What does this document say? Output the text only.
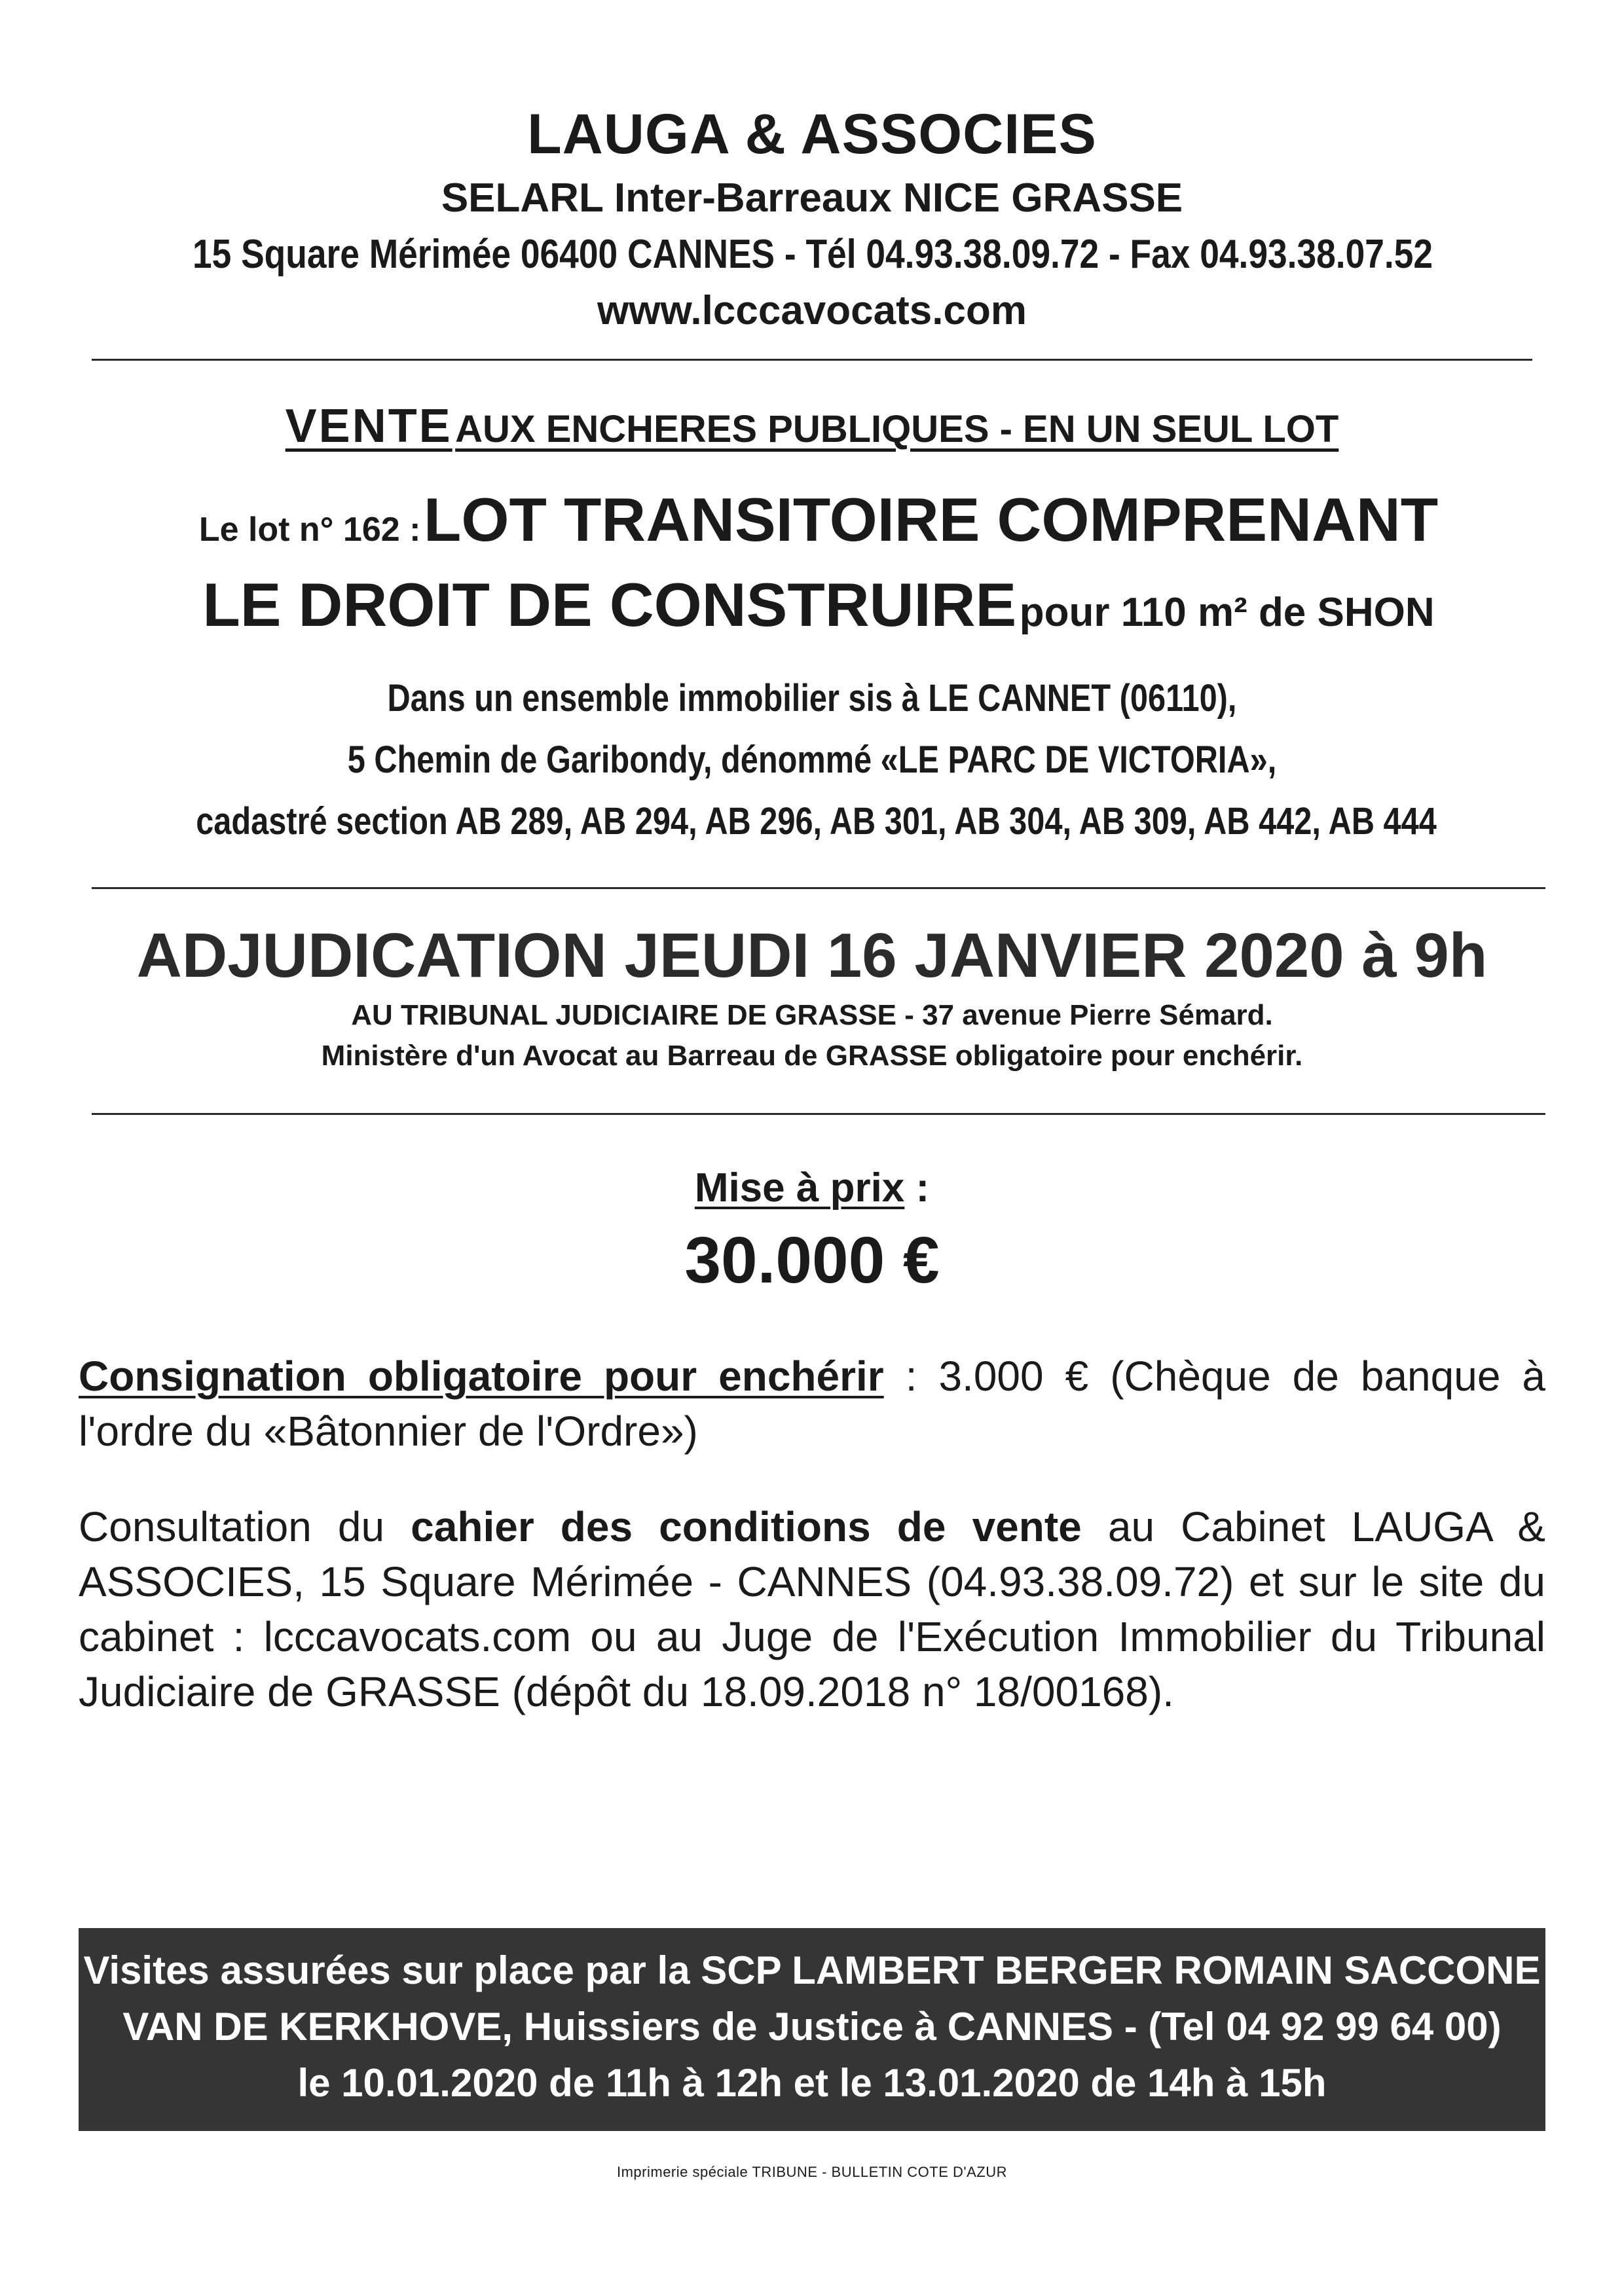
LAUGA & ASSOCIES
SELARL Inter-Barreaux NICE GRASSE
15 Square Mérimée 06400 CANNES - Tél 04.93.38.09.72 - Fax 04.93.38.07.52
www.lcccavocats.com
VENTE AUX ENCHERES PUBLIQUES - EN UN SEUL LOT
Le lot n° 162 : LOT TRANSITOIRE COMPRENANT
LE DROIT DE CONSTRUIRE pour 110 m² de SHON
Dans un ensemble immobilier sis à LE CANNET (06110),
5 Chemin de Garibondy, dénommé «LE PARC DE VICTORIA»,
cadastré section AB 289, AB 294, AB 296, AB 301, AB 304, AB 309, AB 442, AB 444
ADJUDICATION JEUDI 16 JANVIER 2020 à 9h
AU TRIBUNAL JUDICIAIRE DE GRASSE - 37 avenue Pierre Sémard.
Ministère d'un Avocat au Barreau de GRASSE obligatoire pour enchérir.
Mise à prix :
30.000 €
Consignation obligatoire pour enchérir : 3.000 € (Chèque de banque à l'ordre du «Bâtonnier de l'Ordre»)
Consultation du cahier des conditions de vente au Cabinet LAUGA & ASSOCIES, 15 Square Mérimée - CANNES (04.93.38.09.72) et sur le site du cabinet : lcccavocats.com ou au Juge de l'Exécution Immobilier du Tribunal Judiciaire de GRASSE (dépôt du 18.09.2018 n° 18/00168).
Visites assurées sur place par la SCP LAMBERT BERGER ROMAIN SACCONE
VAN DE KERKHOVE, Huissiers de Justice à CANNES - (Tel 04 92 99 64 00)
le 10.01.2020 de 11h à 12h et le 13.01.2020 de 14h à 15h
Imprimerie spéciale TRIBUNE - BULLETIN COTE D'AZUR
